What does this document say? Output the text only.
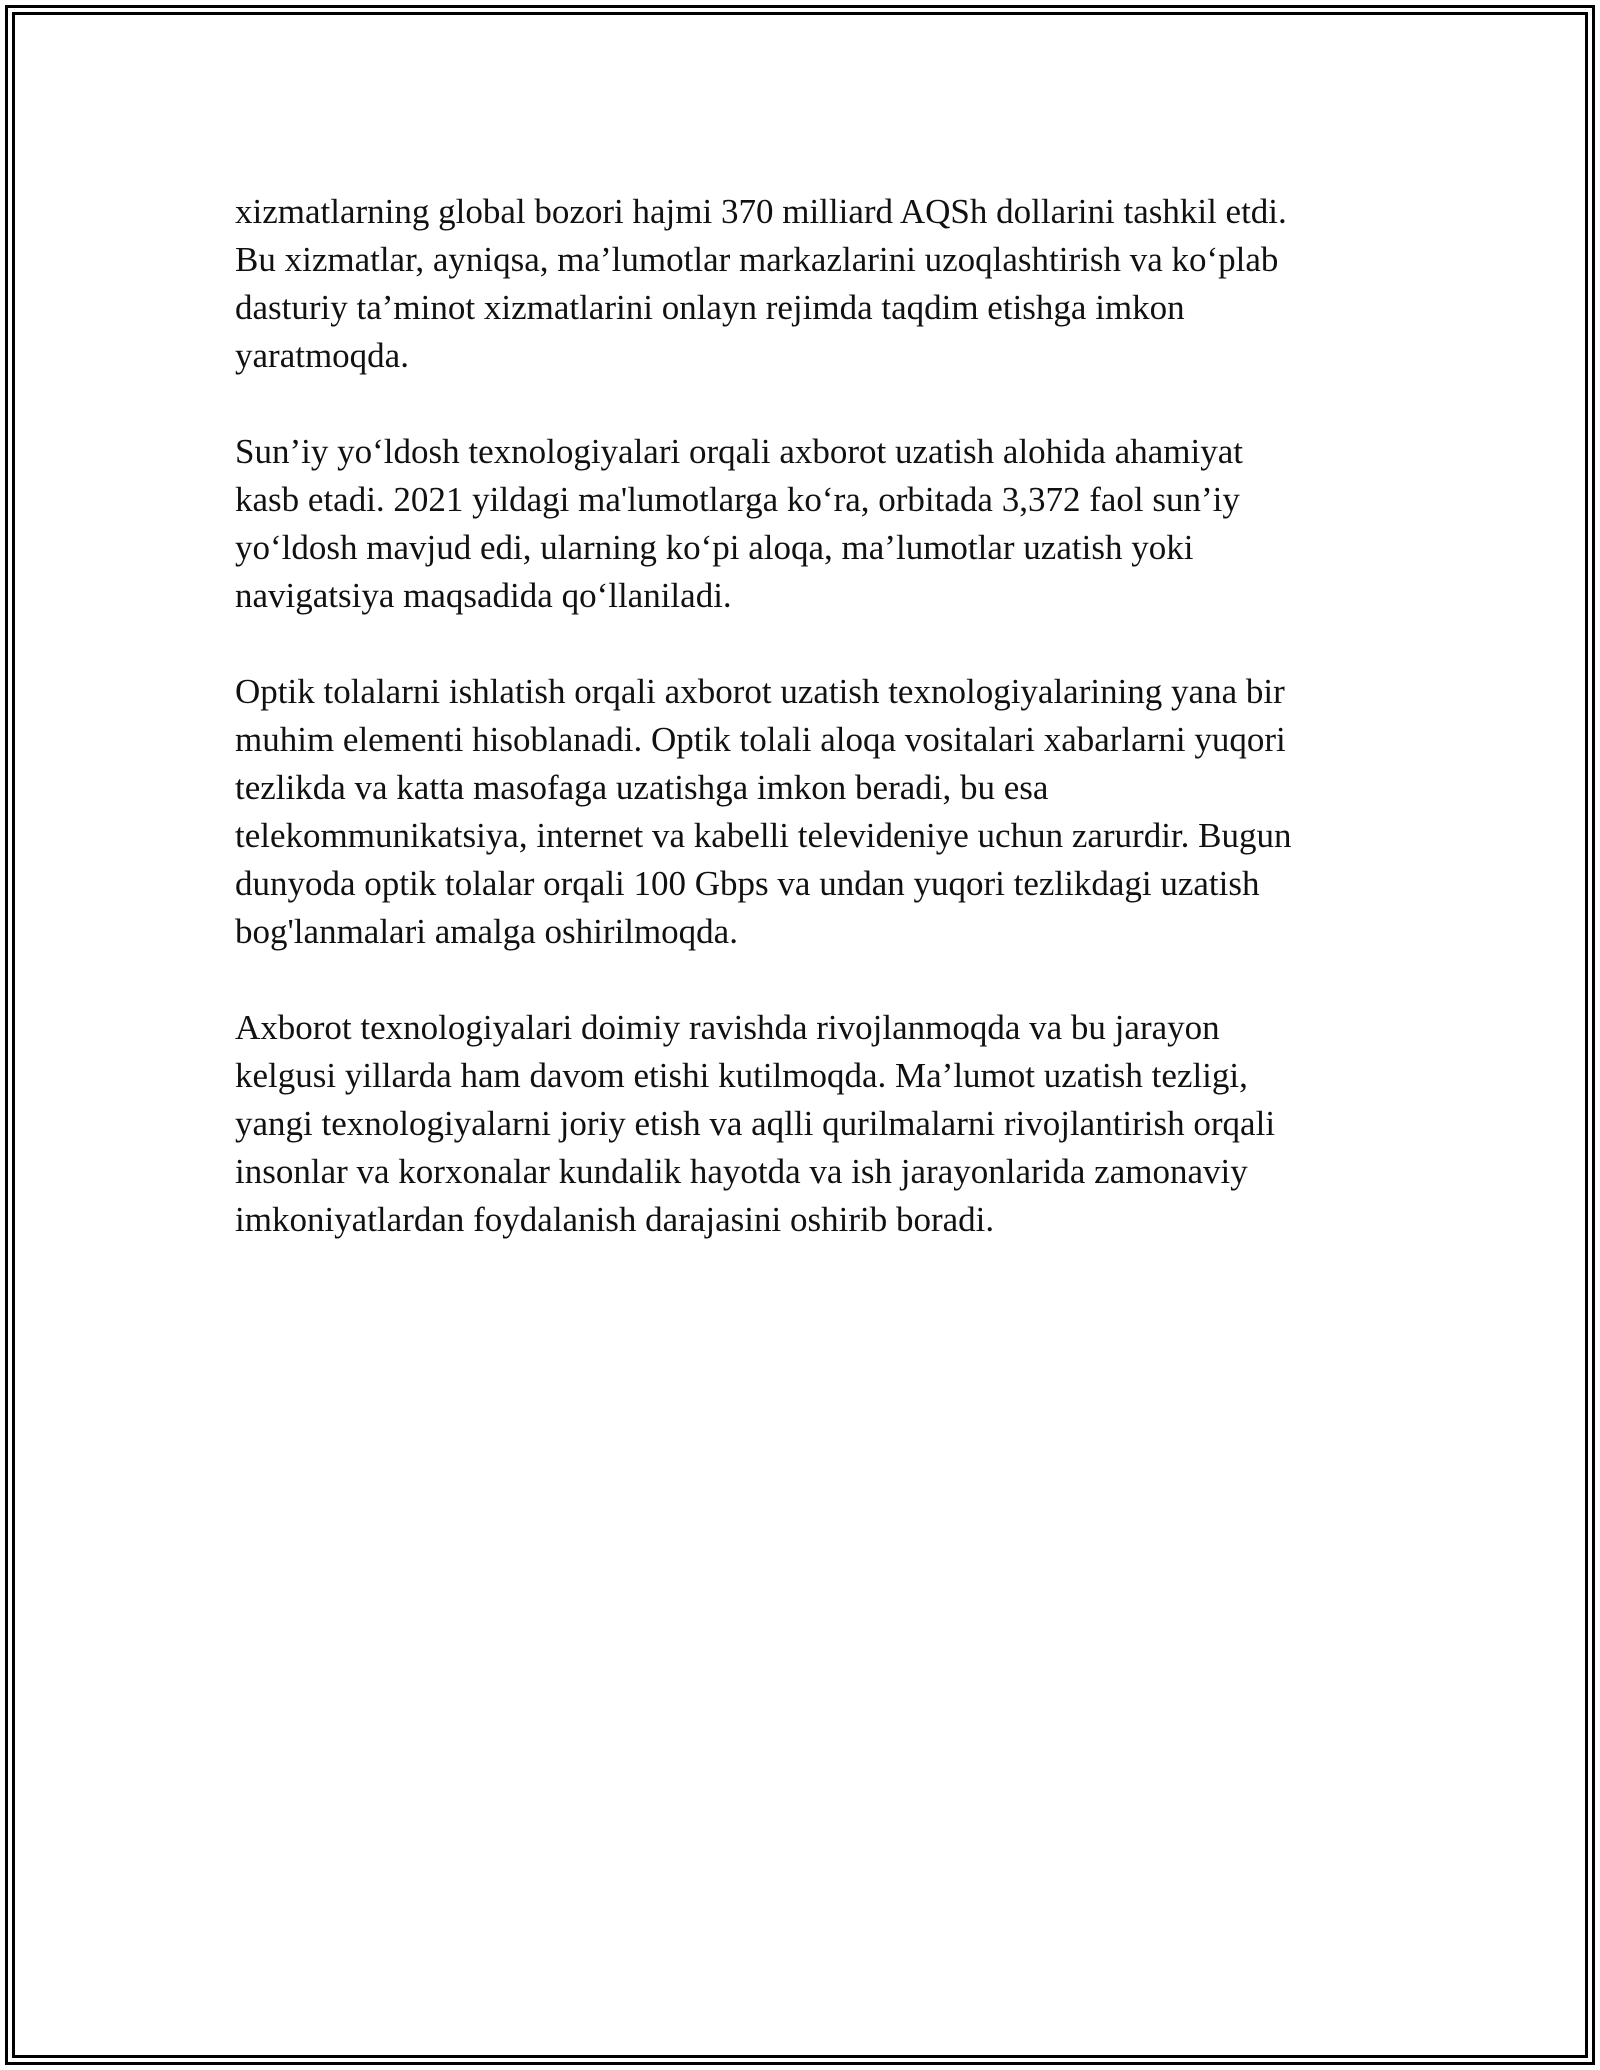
xizmatlarning global bozori hajmi 370 milliard AQSh dollarini tashkil etdi.
Bu xizmatlar, ayniqsa, ma’lumotlar markazlarini uzoqlashtirish va ko‘plab
dasturiy ta’minot xizmatlarini onlayn rejimda taqdim etishga imkon
yaratmoqda.

Sun’iy yo‘ldosh texnologiyalari orqali axborot uzatish alohida ahamiyat
kasb etadi. 2021 yildagi ma'lumotlarga ko‘ra, orbitada 3,372 faol sun’iy
yo‘ldosh mavjud edi, ularning ko‘pi aloqa, ma’lumotlar uzatish yoki
navigatsiya maqsadida qo‘llaniladi.

Optik tolalarni ishlatish orqali axborot uzatish texnologiyalarining yana bir
muhim elementi hisoblanadi. Optik tolali aloqa vositalari xabarlarni yuqori
tezlikda va katta masofaga uzatishga imkon beradi, bu esa
telekommunikatsiya, internet va kabelli televideniye uchun zarurdir. Bugun
dunyoda optik tolalar orqali 100 Gbps va undan yuqori tezlikdagi uzatish
bog'lanmalari amalga oshirilmoqda.

Axborot texnologiyalari doimiy ravishda rivojlanmoqda va bu jarayon
kelgusi yillarda ham davom etishi kutilmoqda. Ma’lumot uzatish tezligi,
yangi texnologiyalarni joriy etish va aqlli qurilmalarni rivojlantirish orqali
insonlar va korxonalar kundalik hayotda va ish jarayonlarida zamonaviy
imkoniyatlardan foydalanish darajasini oshirib boradi.
